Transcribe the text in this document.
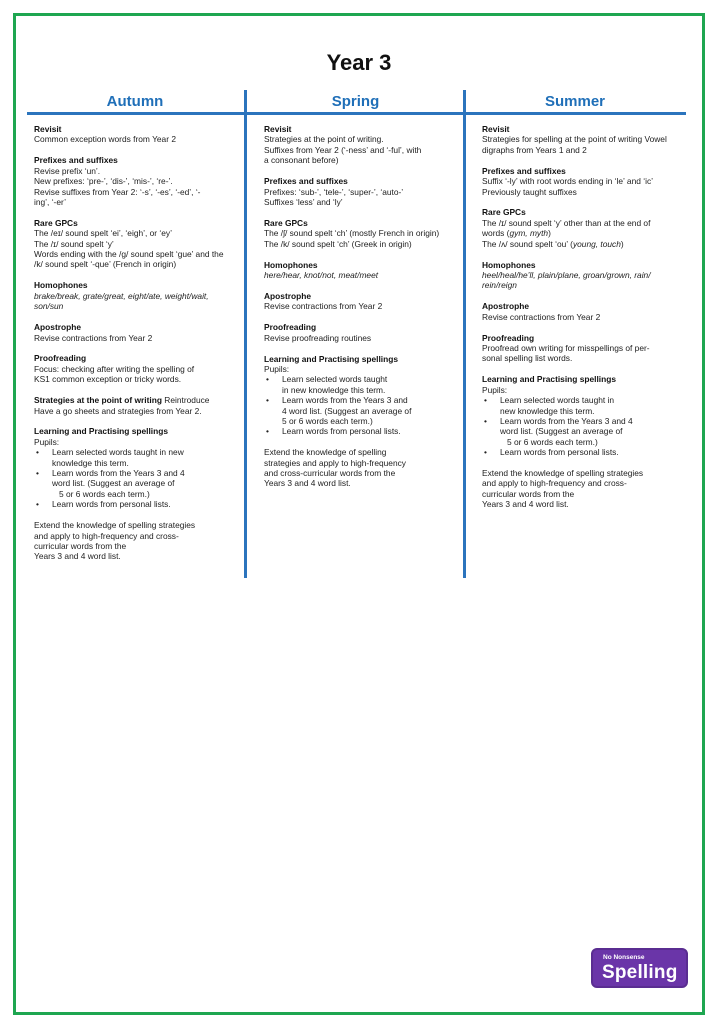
Year 3
Autumn	Spring	Summer
Revisit
Common exception words from Year 2
Prefixes and suffixes
Revise prefix ‘un’.
New prefixes: ‘pre-’, ‘dis-’, ‘mis-’, ‘re-’.
Revise suffixes from Year 2: ‘-s’, ‘-es’, ‘-ed’, ‘-
ing’, ‘-er’
Rare GPCs
The /eɪ/ sound spelt ‘ei’, ‘eigh’, or ‘ey’
The /ɪ/ sound spelt ‘y’
Words ending with the /g/ sound spelt ‘gue’ and the
/k/ sound spelt ‘-que’ (French in origin)
Homophones
brake/break, grate/great, eight/ate, weight/wait,
son/sun
Apostrophe
Revise contractions from Year 2
Proofreading
Focus: checking after writing the spelling of
KS1 common exception or tricky words.
Strategies at the point of writing Reintroduce
Have a go sheets and strategies from Year 2.
Learning and Practising spellings
Pupils:
• Learn selected words taught in new
knowledge this term.
• Learn words from the Years 3 and 4
word list. (Suggest an average of
5 or 6 words each term.)
• Learn words from personal lists.
Extend the knowledge of spelling strategies
and apply to high-frequency and cross-
curricular words from the
Years 3 and 4 word list.
Revisit
Strategies at the point of writing.
Suffixes from Year 2 (‘-ness’ and ‘-ful’, with
a consonant before)
Prefixes and suffixes
Prefixes: ‘sub-’, ‘tele-’, ‘super-’, ‘auto-’
Suffixes ‘less’ and ‘ly’
Rare GPCs
The /ʃ/ sound spelt ‘ch’ (mostly French in origin)
The /k/ sound spelt ‘ch’ (Greek in origin)
Homophones
here/hear, knot/not, meat/meet
Apostrophe
Revise contractions from Year 2
Proofreading
Revise proofreading routines
Learning and Practising spellings
Pupils:
• Learn selected words taught
in new knowledge this term.
• Learn words from the Years 3 and
4 word list. (Suggest an average of
5 or 6 words each term.)
• Learn words from personal lists.
Extend the knowledge of spelling
strategies and apply to high-frequency
and cross-curricular words from the
Years 3 and 4 word list.
Revisit
Strategies for spelling at the point of writing Vowel
digraphs from Years 1 and 2
Prefixes and suffixes
Suffix ‘-ly’ with root words ending in ‘le’ and ‘ic’
Previously taught suffixes
Rare GPCs
The /ɪ/ sound spelt ‘y’ other than at the end of
words (gym, myth)
The /ʌ/ sound spelt ‘ou’ (young, touch)
Homophones
heel/heal/he’ll, plain/plane, groan/grown, rain/
rein/reign
Apostrophe
Revise contractions from Year 2
Proofreading
Proofread own writing for misspellings of per-
sonal spelling list words.
Learning and Practising spellings
Pupils:
• Learn selected words taught in
new knowledge this term.
• Learn words from the Years 3 and 4
word list. (Suggest an average of
5 or 6 words each term.)
• Learn words from personal lists.
Extend the knowledge of spelling strategies
and apply to high-frequency and cross-
curricular words from the
Years 3 and 4 word list.
No Nonsense
Spelling
